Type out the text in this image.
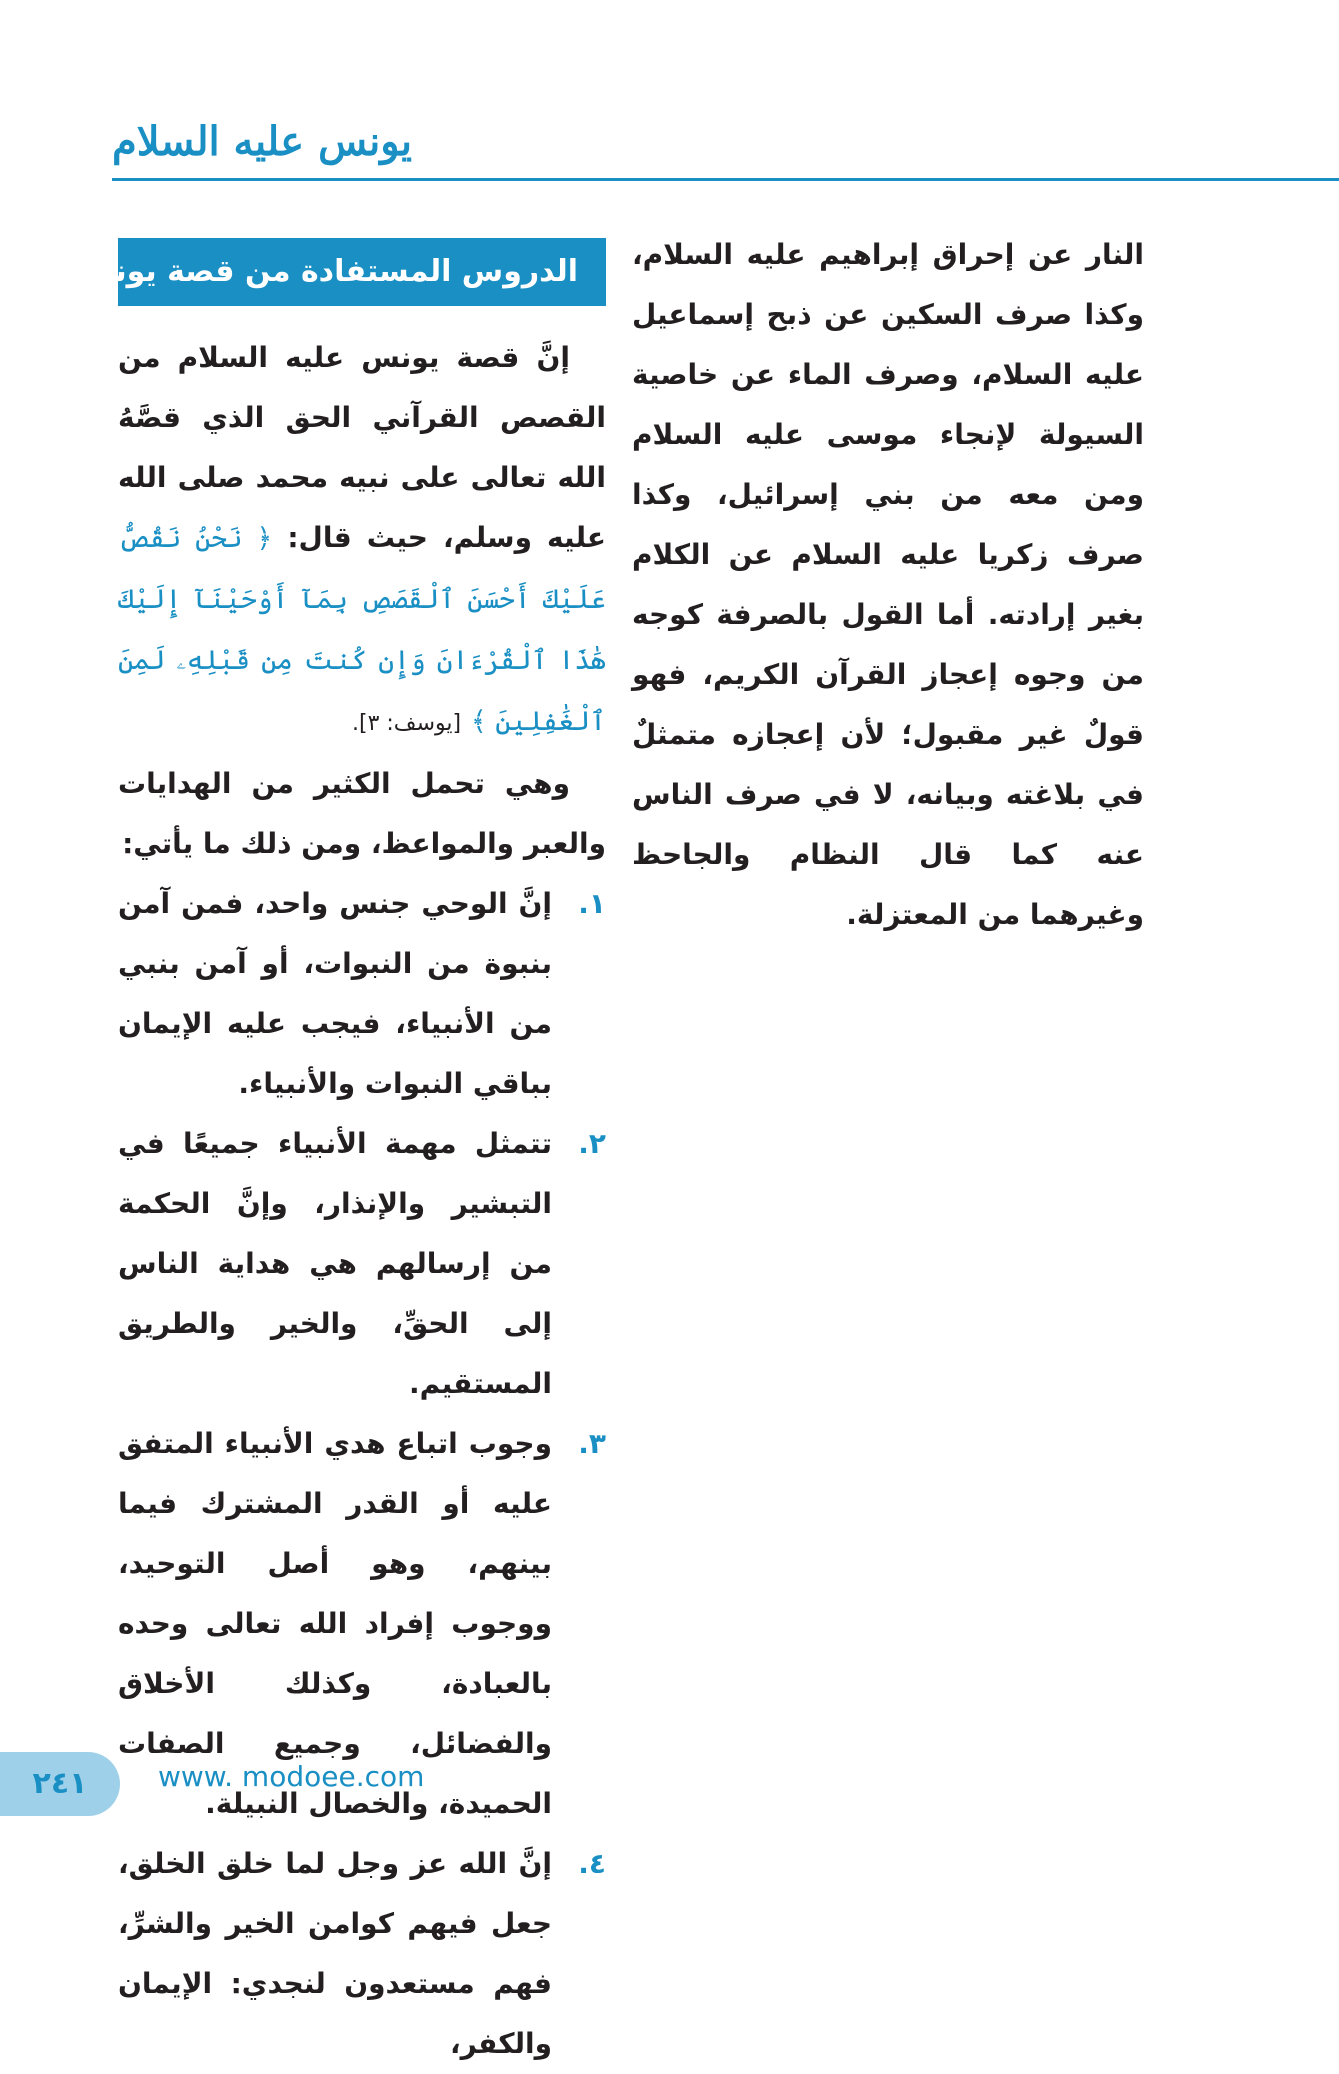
يونس عليه السلام

النار عن إحراق إبراهيم عليه السلام، وكذا صرف السكين عن ذبح إسماعيل عليه السلام، وصرف الماء عن خاصية السيولة لإنجاء موسى عليه السلام ومن معه من بني إسرائيل، وكذا صرف زكريا عليه السلام عن الكلام بغير إرادته. أما القول بالصرفة كوجه من وجوه إعجاز القرآن الكريم، فهو قولٌ غير مقبول؛ لأن إعجازه متمثلٌ في بلاغته وبيانه، لا في صرف الناس عنه كما قال النظام والجاحظ وغيرهما من المعتزلة.

الدروس المستفادة من قصة يونس

إنَّ قصة يونس عليه السلام من القصص القرآني الحق الذي قصَّهُ الله تعالى على نبيه محمد صلى الله عليه وسلم، حيث قال: ﴿ نَحْنُ نَقُصُّ عَلَيْكَ أَحْسَنَ ٱلْقَصَصِ بِمَآ أَوْحَيْنَآ إِلَيْكَ هَٰذَا ٱلْقُرْءَانَ وَإِن كُنتَ مِن قَبْلِهِۦ لَمِنَ ٱلْغَٰفِلِينَ ﴾ [يوسف: ٣].

وهي تحمل الكثير من الهدايات والعبر والمواعظ، ومن ذلك ما يأتي:

١.
إنَّ الوحي جنس واحد، فمن آمن بنبوة من النبوات، أو آمن بنبي من الأنبياء، فيجب عليه الإيمان بباقي النبوات والأنبياء.
٢.
تتمثل مهمة الأنبياء جميعًا في التبشير والإنذار، وإنَّ الحكمة من إرسالهم هي هداية الناس إلى الحقِّ، والخير والطريق المستقيم.
٣.
وجوب اتباع هدي الأنبياء المتفق عليه أو القدر المشترك فيما بينهم، وهو أصل التوحيد، ووجوب إفراد الله تعالى وحده بالعبادة، وكذلك الأخلاق والفضائل، وجميع الصفات الحميدة، والخصال النبيلة.
٤.
إنَّ الله عز وجل لما خلق الخلق، جعل فيهم كوامن الخير والشرِّ، فهم مستعدون لنجدي: الإيمان والكفر،
٢٤١	www. modoee.com
